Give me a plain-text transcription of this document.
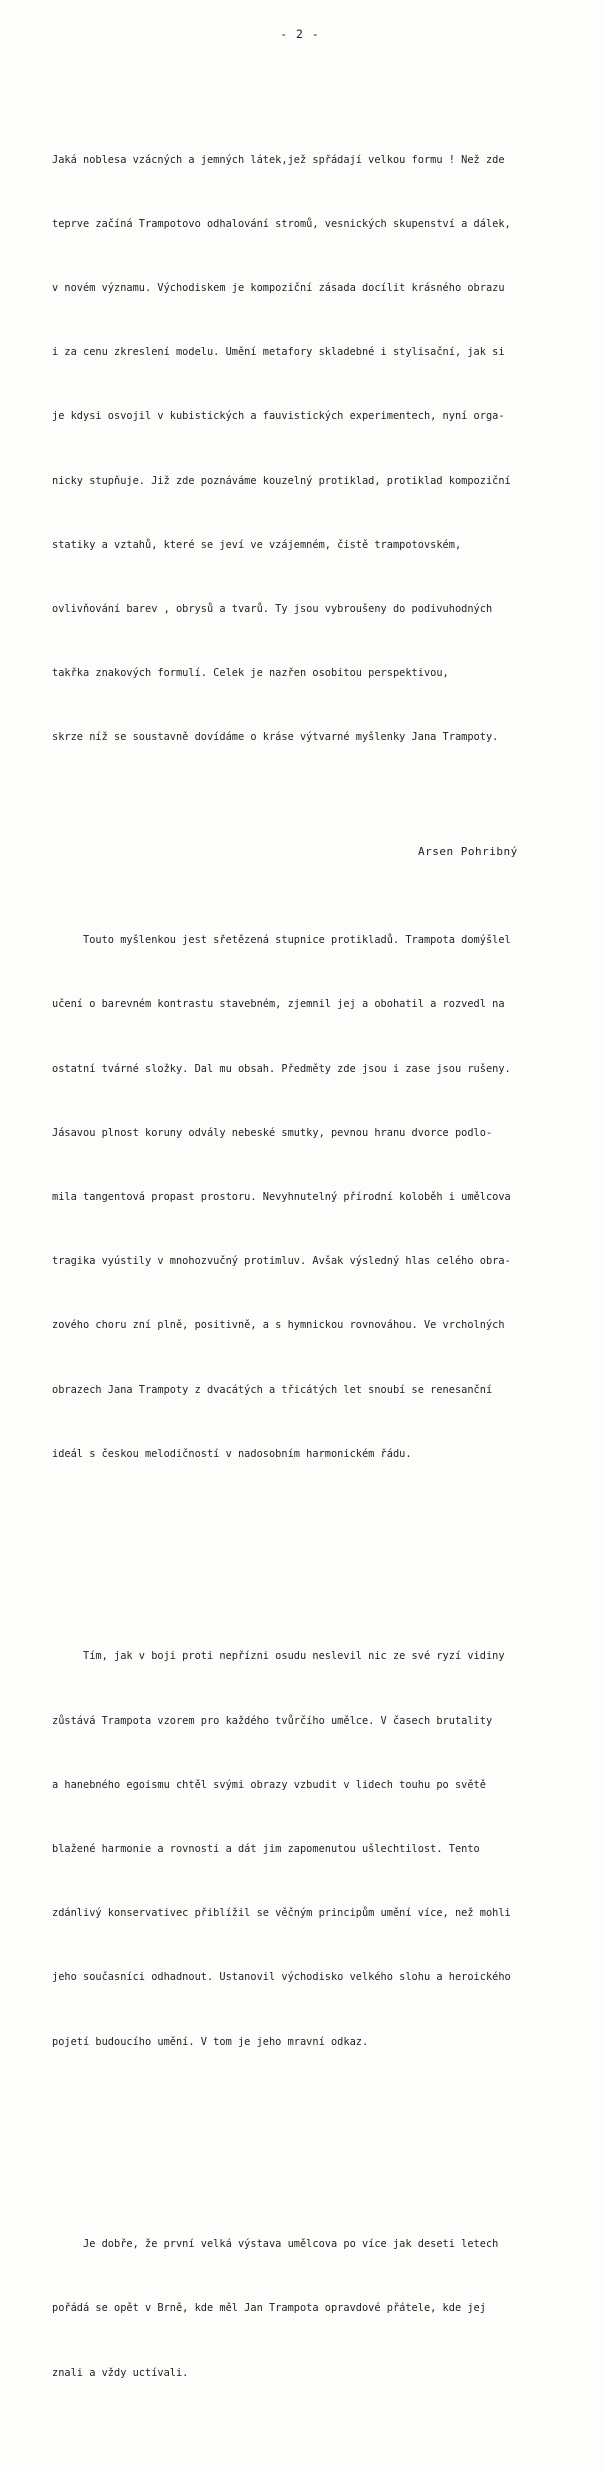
- 2 -

Jaká noblesa vzácných a jemných látek,jež spřádají velkou formu ! Než zde

teprve začíná Trampotovo odhalování stromů, vesnických skupenství a dálek,

v novém významu. Východiskem je kompoziční zásada docílit krásného obrazu

i za cenu zkreslení modelu. Umění metafory skladebné i stylisační, jak si

je kdysi osvojil v kubistických a fauvistických experimentech, nyní orga-

nicky stupňuje. Již zde poznáváme kouzelný protiklad, protiklad kompoziční

statiky a vztahů, které se jeví ve vzájemném, čistě trampotovském,

ovlivňování barev , obrysů a tvarů. Ty jsou vybroušeny do podivuhodných

takřka znakových formulí. Celek je nazřen osobitou perspektivou,

skrze níž se soustavně dovídáme o kráse výtvarné myšlenky Jana Trampoty.

Touto myšlenkou jest sřetězená stupnice protikladů. Trampota domýšlel

učení o barevném kontrastu stavebném, zjemnil jej a obohatil a rozvedl na

ostatní tvárné složky. Dal mu obsah. Předměty zde jsou i zase jsou rušeny.

Jásavou plnost koruny odvály nebeské smutky, pevnou hranu dvorce podlo-

mila tangentová propast prostoru. Nevyhnutelný přírodní koloběh i umělcova

tragika vyústily v mnohozvučný protimluv. Avšak výsledný hlas celého obra-

zového choru zní plně, positivně, a s hymnickou rovnováhou. Ve vrcholných

obrazech Jana Trampoty z dvacátých a třicátých let snoubí se renesanční

ideál s českou melodičností v nadosobním harmonickém řádu.

Tím, jak v boji proti nepřízni osudu neslevil nic ze své ryzí vidiny

zůstává Trampota vzorem pro každého tvůrčího umělce. V časech brutality

a hanebného egoismu chtěl svými obrazy vzbudit v lidech touhu po světě

blažené harmonie a rovnosti a dát jim zapomenutou ušlechtilost. Tento

zdánlivý konservativec přiblížil se věčným principům umění více, než mohli

jeho současníci odhadnout. Ustanovil východisko velkého slohu a heroického

pojetí budoucího umění. V tom je jeho mravní odkaz.

Je dobře, že první velká výstava umělcova po více jak deseti letech

pořádá se opět v Brně, kde měl Jan Trampota opravdové přátele, kde jej

znali a vždy uctívali.

Arsen Pohribný
